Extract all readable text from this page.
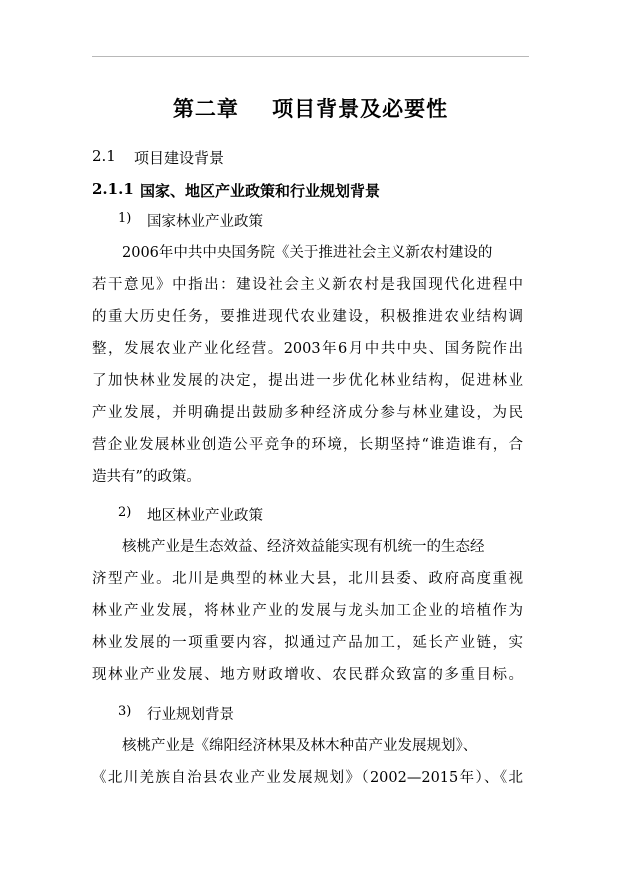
第二章    项目背景及必要性
2.1 项目建设背景
2.1.1 国家、地区产业政策和行业规划背景
1) 国家林业产业政策
2006年中共中央国务院《关于推进社会主义新农村建设的
若干意见》中指出：建设社会主义新农村是我国现代化进程中
的重大历史任务，要推进现代农业建设，积极推进农业结构调
整，发展农业产业化经营。2003年6月中共中央、国务院作出
了加快林业发展的决定，提出进一步优化林业结构，促进林业
产业发展，并明确提出鼓励多种经济成分参与林业建设，为民
营企业发展林业创造公平竞争的环境，长期坚持“谁造谁有，合
造共有”的政策。
2) 地区林业产业政策
核桃产业是生态效益、经济效益能实现有机统一的生态经
济型产业。北川是典型的林业大县，北川县委、政府高度重视
林业产业发展，将林业产业的发展与龙头加工企业的培植作为
林业发展的一项重要内容，拟通过产品加工，延长产业链，实
现林业产业发展、地方财政增收、农民群众致富的多重目标。
3) 行业规划背景
核桃产业是《绵阳经济林果及林木种苗产业发展规划》、
《北川羌族自治县农业产业发展规划》（2002—2015年）、《北
